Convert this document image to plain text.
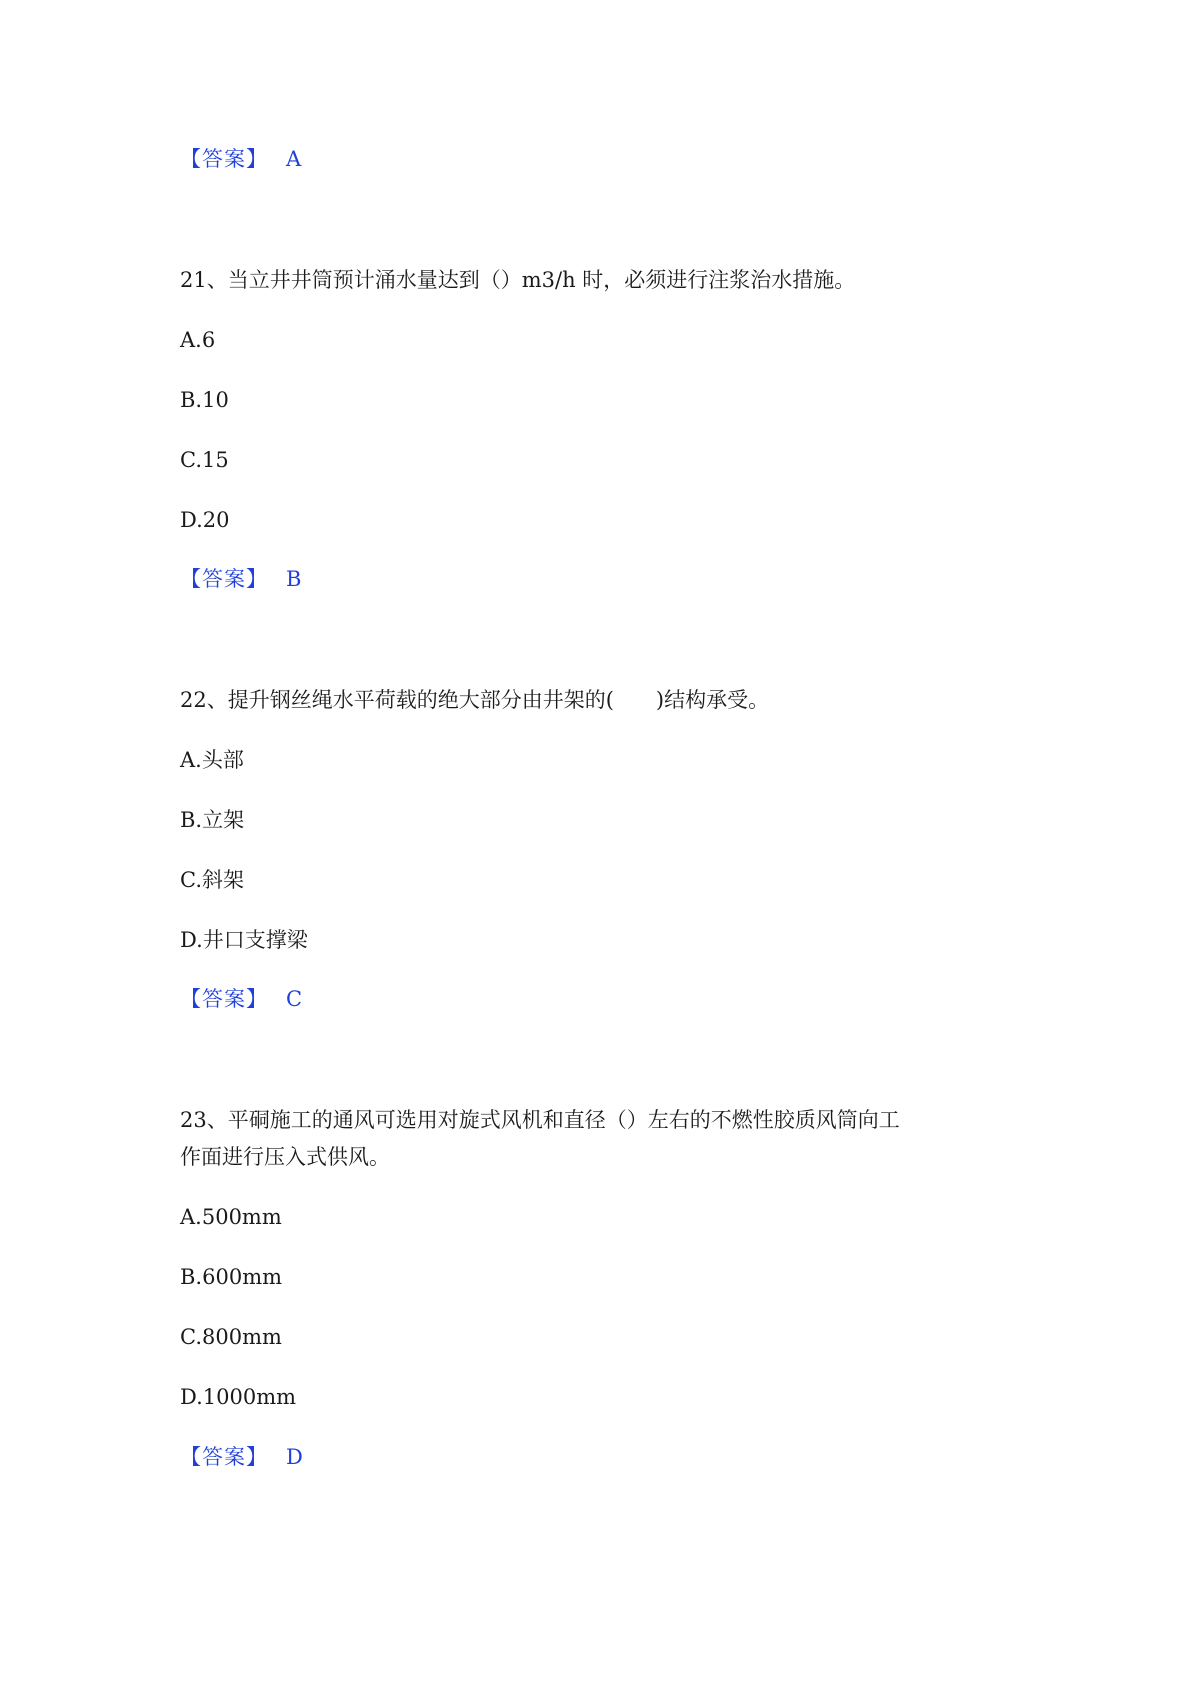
【答案】 A
21、当立井井筒预计涌水量达到（）m3/h 时，必须进行注浆治水措施。
A.6
B.10
C.15
D.20
【答案】 B
22、提升钢丝绳水平荷载的绝大部分由井架的(　　)结构承受。
A.头部
B.立架
C.斜架
D.井口支撑梁
【答案】 C
23、平硐施工的通风可选用对旋式风机和直径（）左右的不燃性胶质风筒向工
作面进行压入式供风。
A.500mm
B.600mm
C.800mm
D.1000mm
【答案】 D
